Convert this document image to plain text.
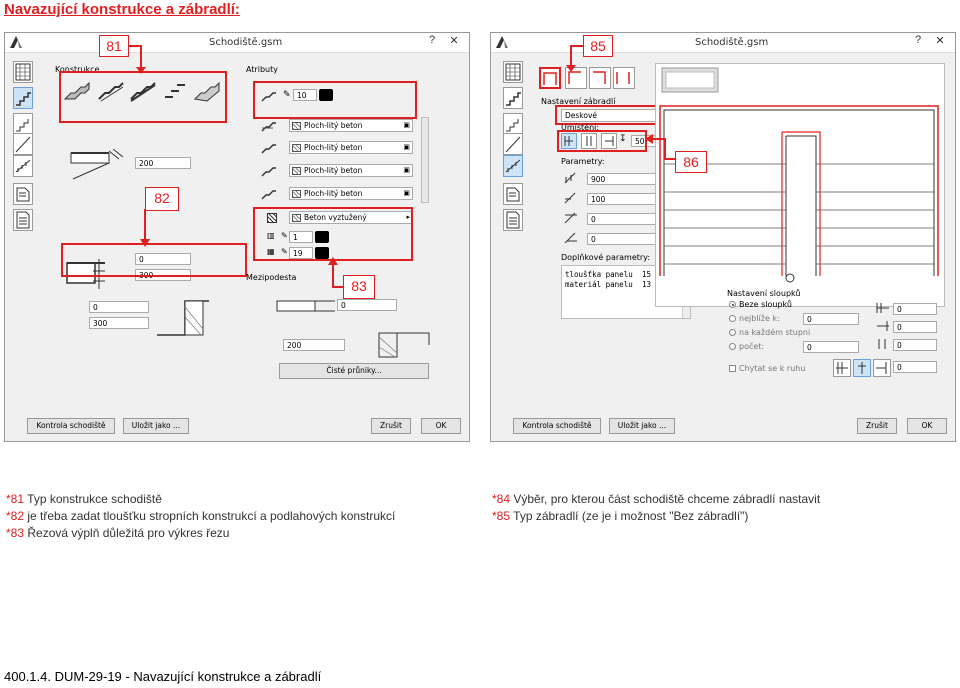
Navazující konstrukce a zábradlí:
Schodiště.gsm	?	✕
Konstrukce	Atributy
81
200
✎ 10
Ploch-litý beton	▣
Ploch-litý beton	▣
Ploch-litý beton	▣
Ploch-litý beton	▣
82
Beton vyztužený	▸
▥ ✎ 1
▦ ✎ 19
83
0
300
0
300
Mezipodesta
0
200
Čisté průniky...
Kontrola schodiště	Uložit jako ...	Zrušit	OK
Schodiště.gsm	?	✕
85
Nastavení zábradlí
Deskové
Umístění:
↧	50
Parametry:
900
100
0
0
Doplňkové parametry:
tloušťka panelu 15
materiál panelu 13
86
Nastavení sloupků
Beze sloupků
nejblíže k:	0
na každém stupni
počet:	0
Chytat se k ruhu
0
0
0
0
Kontrola schodiště	Uložit jako ...	Zrušit	OK
*81 Typ konstrukce schodiště
*82 je třeba zadat tloušťku stropních konstrukcí a podlahových konstrukcí
*83 Řezová výplň důležitá pro výkres řezu
*84 Výběr, pro kterou část schodiště chceme zábradlí nastavit
*85 Typ zábradlí (ze je i možnost "Bez zábradlí")
400.1.4. DUM-29-19 - Navazující konstrukce a zábradlí
